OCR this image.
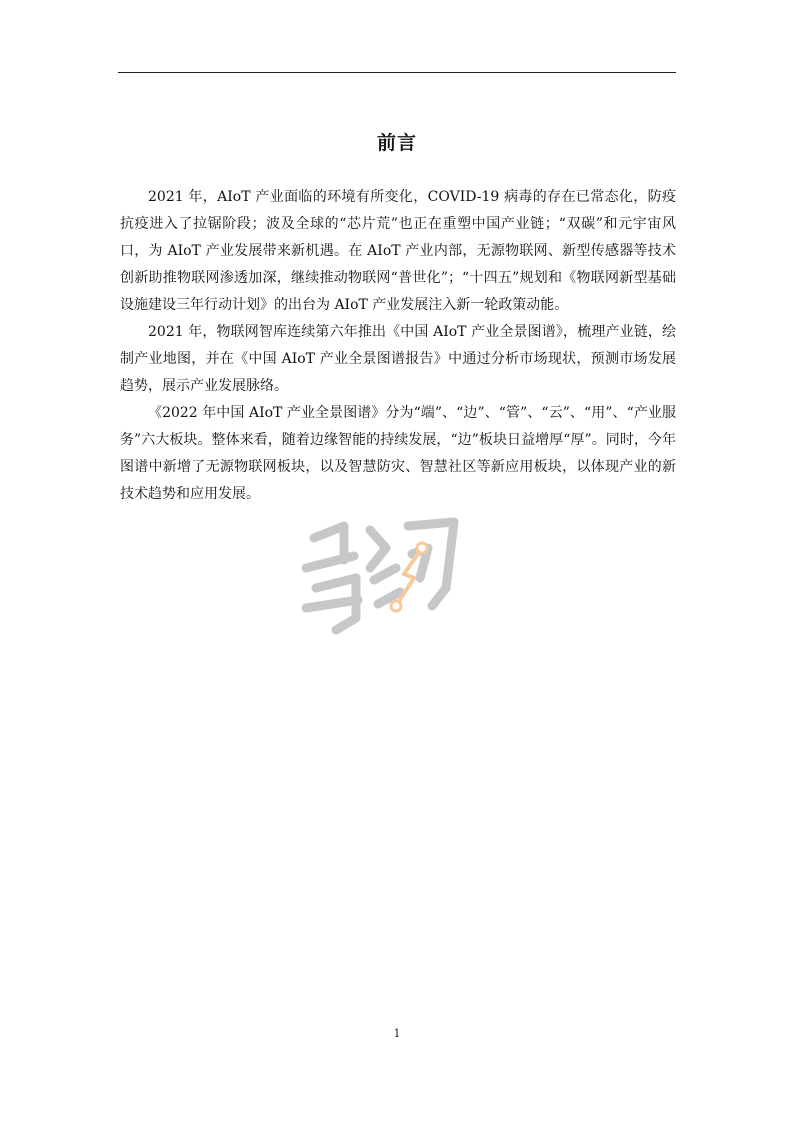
前言

2021 年，AIoT 产业面临的环境有所变化，COVID-19 病毒的存在已常态化，防疫抗疫进入了拉锯阶段；波及全球的“芯片荒”也正在重塑中国产业链；“双碳”和元宇宙风口，为 AIoT 产业发展带来新机遇。在 AIoT 产业内部，无源物联网、新型传感器等技术创新助推物联网渗透加深，继续推动物联网“普世化”；“十四五”规划和《物联网新型基础设施建设三年行动计划》的出台为 AIoT 产业发展注入新一轮政策动能。

2021 年，物联网智库连续第六年推出《中国 AIoT 产业全景图谱》，梳理产业链，绘制产业地图，并在《中国 AIoT 产业全景图谱报告》中通过分析市场现状，预测市场发展趋势，展示产业发展脉络。

《2022 年中国 AIoT 产业全景图谱》分为“端”、“边”、“管”、“云”、“用”、“产业服务”六大板块。整体来看，随着边缘智能的持续发展，“边”板块日益增厚“厚”。同时，今年图谱中新增了无源物联网板块，以及智慧防灾、智慧社区等新应用板块，以体现产业的新技术趋势和应用发展。

1
